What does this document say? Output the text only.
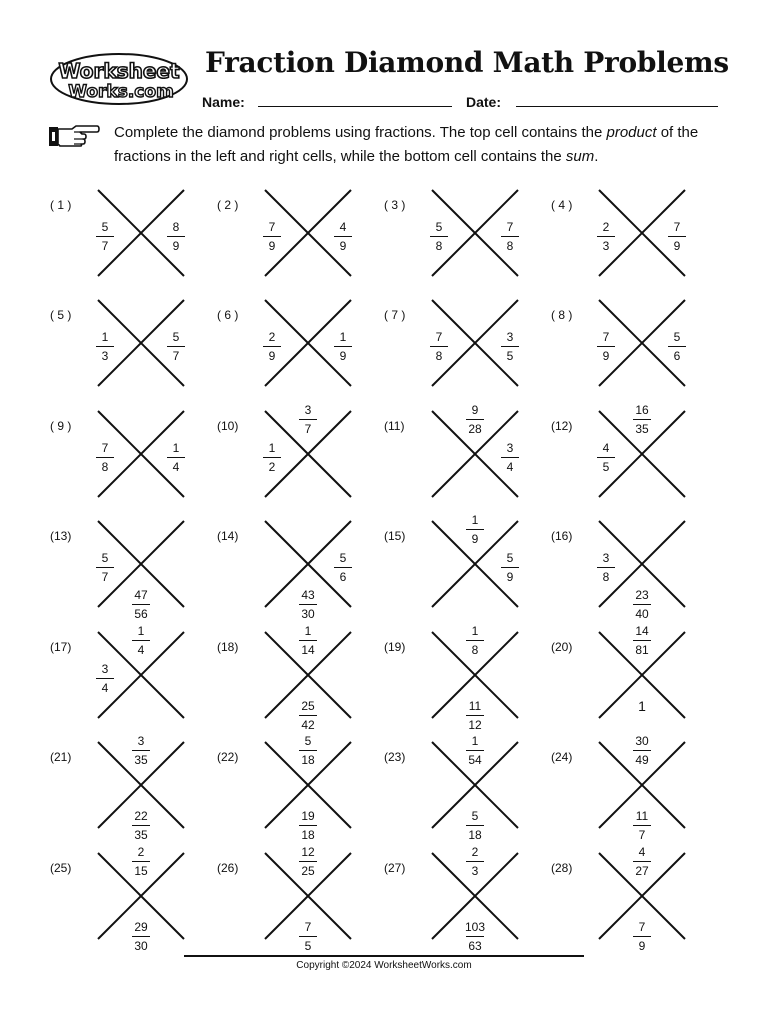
Worksheet
Works.com
Fraction Diamond Math Problems
Name:	Date:

Complete the diamond problems using fractions. The top cell contains the product of the fractions in the left and right cells, while the bottom cell contains the sum.

( 1 )
5
7
8
9
( 2 )
7
9
4
9
( 3 )
5
8
7
8
( 4 )
2
3
7
9
( 5 )
1
3
5
7
( 6 )
2
9
1
9
( 7 )
7
8
3
5
( 8 )
7
9
5
6
( 9 )
7
8
1
4
(10)
3
7
1
2
(11)
9
28
3
4
(12)
16
35
4
5
(13)
5
7
47
56
(14)
5
6
43
30
(15)
1
9
5
9
(16)
3
8
23
40
(17)
1
4
3
4
(18)
1
14
25
42
(19)
1
8
11
12
(20)
14
81
1
(21)
3
35
22
35
(22)
5
18
19
18
(23)
1
54
5
18
(24)
30
49
11
7
(25)
2
15
29
30
(26)
12
25
7
5
(27)
2
3
103
63
(28)
4
27
7
9
Copyright ©2024 WorksheetWorks.com
